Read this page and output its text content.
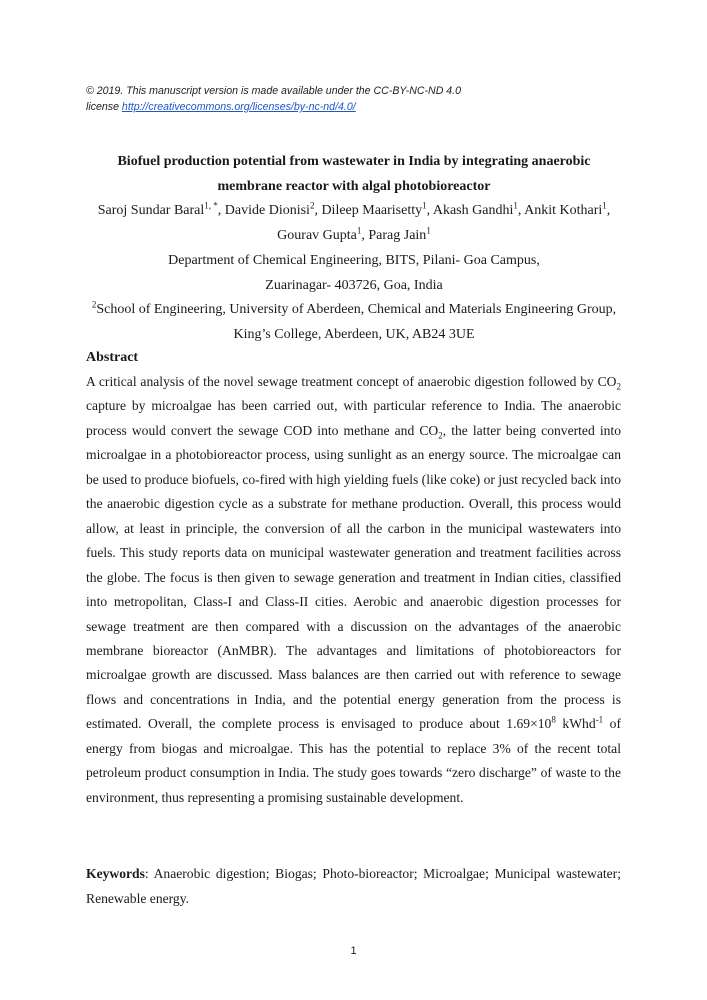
© 2019. This manuscript version is made available under the CC-BY-NC-ND 4.0
license http://creativecommons.org/licenses/by-nc-nd/4.0/
Biofuel production potential from wastewater in India by integrating anaerobic
membrane reactor with algal photobioreactor
Saroj Sundar Baral$^{1, *}$, Davide Dionisi$^2$, Dileep Maarisetty$^1$, Akash Gandhi$^1$, Ankit Kothari$^1$,
Gourav Gupta$^1$, Parag Jain$^1$
Department of Chemical Engineering, BITS, Pilani- Goa Campus,
Zuarinagar- 403726, Goa, India
$^2$School of Engineering, University of Aberdeen, Chemical and Materials Engineering Group,
King’s College, Aberdeen, UK, AB24 3UE
Abstract
A critical analysis of the novel sewage treatment concept of anaerobic digestion followed by $CO_2$ capture by microalgae has been carried out, with particular reference to India. The anaerobic process would convert the sewage COD into methane and $CO_2$, the latter being converted into microalgae in a photobioreactor process, using sunlight as an energy source. The microalgae can be used to produce biofuels, co-fired with high yielding fuels (like coke) or just recycled back into the anaerobic digestion cycle as a substrate for methane production. Overall, this process would allow, at least in principle, the conversion of all the carbon in the municipal wastewaters into fuels. This study reports data on municipal wastewater generation and treatment facilities across the globe. The focus is then given to sewage generation and treatment in Indian cities, classified into metropolitan, Class-I and Class-II cities. Aerobic and anaerobic digestion processes for sewage treatment are then compared with a discussion on the advantages of the anaerobic membrane bioreactor (AnMBR). The advantages and limitations of photobioreactors for microalgae growth are discussed. Mass balances are then carried out with reference to sewage flows and concentrations in India, and the potential energy generation from the process is estimated. Overall, the complete process is envisaged to produce about $1.69\times 10^8$ kWhd$^{-1}$ of energy from biogas and microalgae. This has the potential to replace 3% of the recent total petroleum product consumption in India. The study goes towards “zero discharge” of waste to the environment, thus representing a promising sustainable development.
Keywords: Anaerobic digestion; Biogas; Photo-bioreactor; Microalgae; Municipal wastewater; Renewable energy.
1
